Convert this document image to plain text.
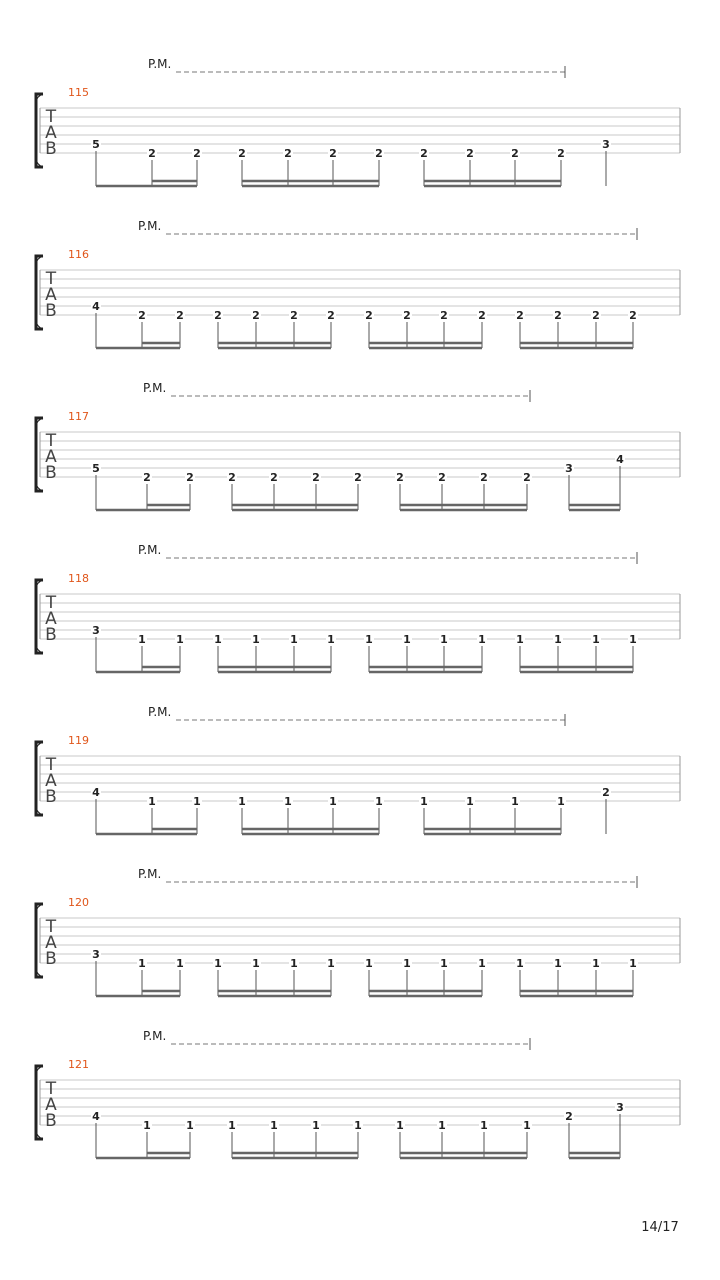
P.M.
115
T
A
B	5
2	2	2	2	2	2	2	2	2	2
3
P.M.
116
T
A
B	4
2	2	2	2	2	2	2	2	2	2	2	2	2	2
P.M.
117
T
A
B	5
2	2	2	2	2	2	2	2	2	2
3
4
P.M.
118
T
A
B	3
1	1	1	1	1	1	1	1	1	1	1	1	1	1
P.M.
119
T
A
B	4
1	1	1	1	1	1	1	1	1	1
2
P.M.
120
T
A
B	3
1	1	1	1	1	1	1	1	1	1	1	1	1	1
P.M.
121
T
A
B	4
1	1	1	1	1	1	1	1	1	1
2
3
14/17
